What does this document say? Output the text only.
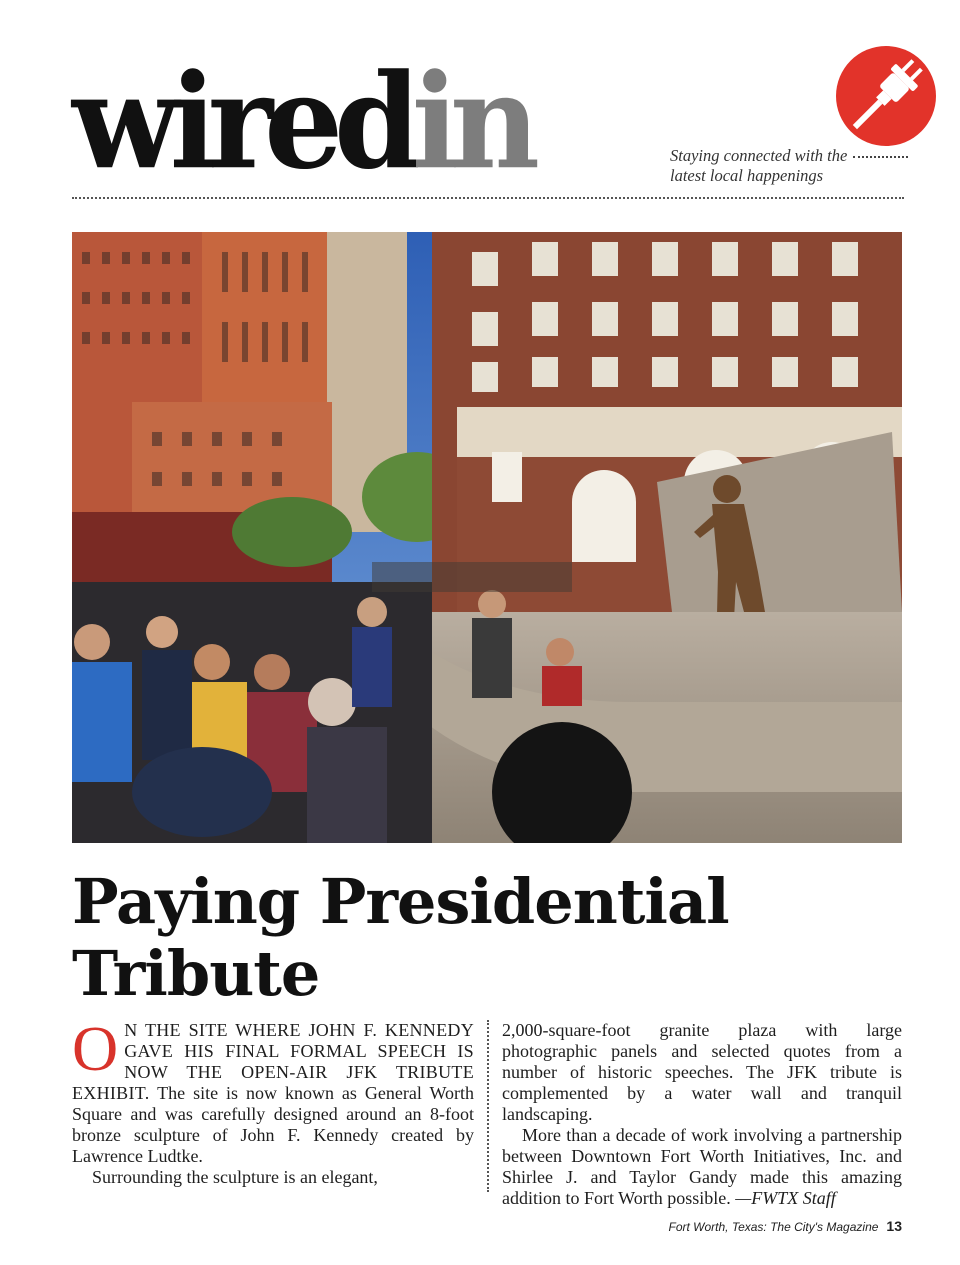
wiredin	Staying connected with the
latest local happenings
Paying Presidential
Tribute

O N THE SITE WHERE JOHN F. KENNEDY GAVE HIS FINAL FORMAL SPEECH IS NOW THE OPEN-AIR JFK TRIBUTE EXHIBIT. The site is now known as General Worth Square and was carefully designed around an 8-foot bronze sculpture of John F. Kennedy created by Lawrence Ludtke.

Surrounding the sculpture is an elegant,

2,000-square-foot granite plaza with large photographic panels and selected quotes from a number of historic speeches. The JFK tribute is complemented by a water wall and tranquil landscaping.

More than a decade of work involving a partnership between Downtown Fort Worth Initiatives, Inc. and Shirlee J. and Taylor Gandy made this amazing addition to Fort Worth possible. —FWTX Staff

Fort Worth, Texas: The City's Magazine 13
